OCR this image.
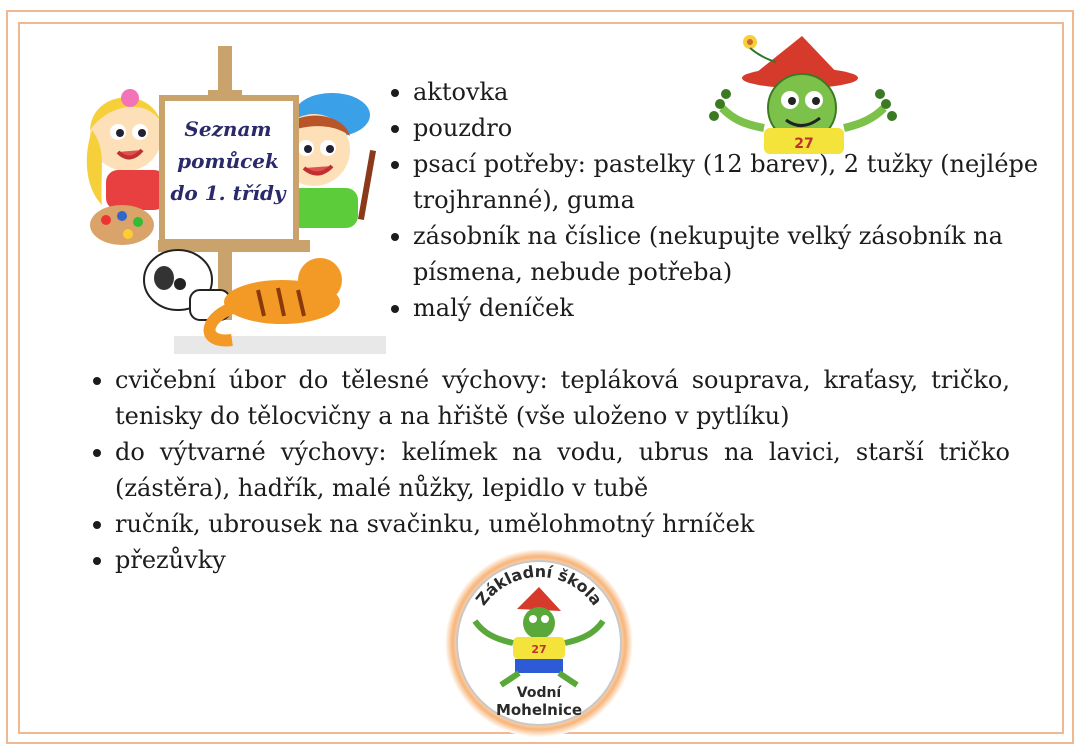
Seznam
pomůcek
do 1. třídy
27
aktovka
pouzdro
psací potřeby: pastelky (12 barev), 2 tužky (nejlépe trojhranné), guma
zásobník na číslice (nekupujte velký zásobník na písmena, nebude potřeba)
malý deníček
cvičební úbor do tělesné výchovy: tepláková souprava, kraťasy, tričko, tenisky do tělocvičny a na hřiště (vše uloženo v pytlíku)
do výtvarné výchovy: kelímek na vodu, ubrus na lavici, starší tričko (zástěra), hadřík, malé nůžky, lepidlo v tubě
ručník, ubrousek na svačinku, umělohmotný hrníček
přezůvky
Základní škola
27
Vodní
Mohelnice
